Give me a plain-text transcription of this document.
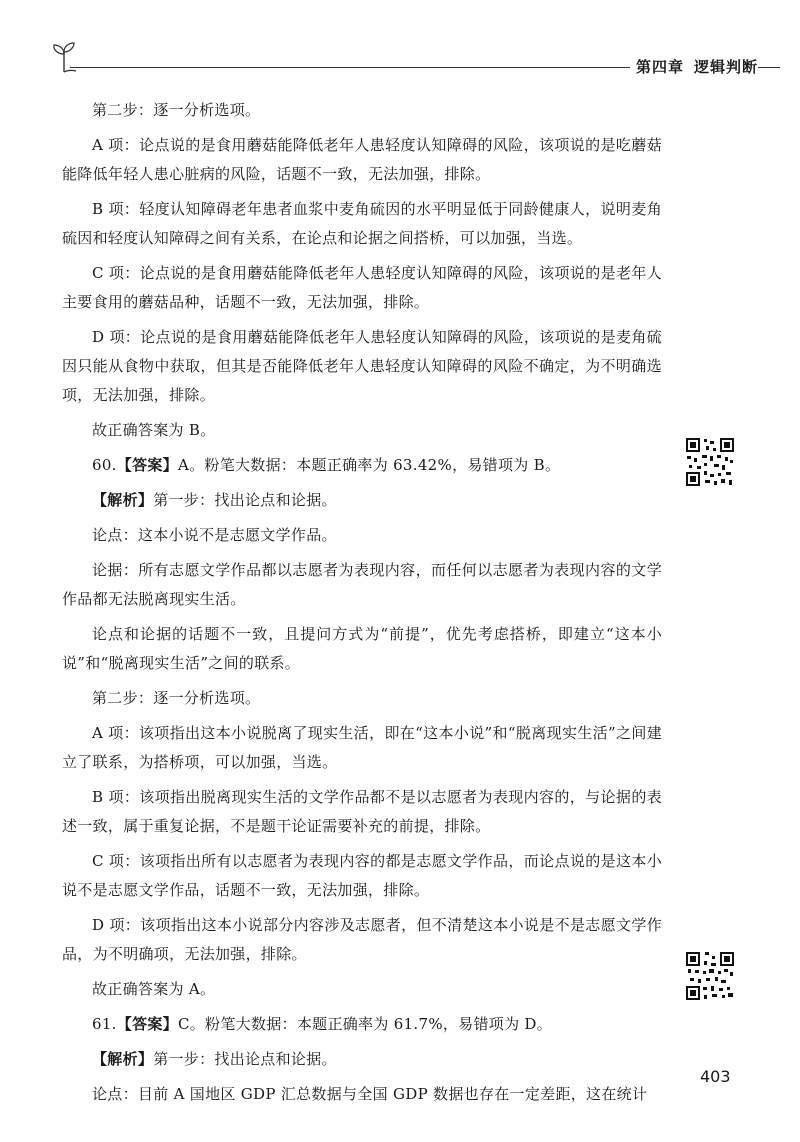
第四章 逻辑判断

第二步：逐一分析选项。

A 项：论点说的是食用蘑菇能降低老年人患轻度认知障碍的风险，该项说的是吃蘑菇能降低年轻人患心脏病的风险，话题不一致，无法加强，排除。

B 项：轻度认知障碍老年患者血浆中麦角硫因的水平明显低于同龄健康人，说明麦角硫因和轻度认知障碍之间有关系，在论点和论据之间搭桥，可以加强，当选。

C 项：论点说的是食用蘑菇能降低老年人患轻度认知障碍的风险，该项说的是老年人主要食用的蘑菇品种，话题不一致，无法加强，排除。

D 项：论点说的是食用蘑菇能降低老年人患轻度认知障碍的风险，该项说的是麦角硫因只能从食物中获取，但其是否能降低老年人患轻度认知障碍的风险不确定，为不明确选项，无法加强，排除。

故正确答案为 B。

60.【答案】A。粉笔大数据：本题正确率为 63.42%，易错项为 B。

【解析】第一步：找出论点和论据。

论点：这本小说不是志愿文学作品。

论据：所有志愿文学作品都以志愿者为表现内容，而任何以志愿者为表现内容的文学作品都无法脱离现实生活。

论点和论据的话题不一致，且提问方式为“前提”，优先考虑搭桥，即建立“这本小说”和“脱离现实生活”之间的联系。

第二步：逐一分析选项。

A 项：该项指出这本小说脱离了现实生活，即在“这本小说”和“脱离现实生活”之间建立了联系，为搭桥项，可以加强，当选。

B 项：该项指出脱离现实生活的文学作品都不是以志愿者为表现内容的，与论据的表述一致，属于重复论据，不是题干论证需要补充的前提，排除。

C 项：该项指出所有以志愿者为表现内容的都是志愿文学作品，而论点说的是这本小说不是志愿文学作品，话题不一致，无法加强，排除。

D 项：该项指出这本小说部分内容涉及志愿者，但不清楚这本小说是不是志愿文学作品，为不明确项，无法加强，排除。

故正确答案为 A。

61.【答案】C。粉笔大数据：本题正确率为 61.7%，易错项为 D。

【解析】第一步：找出论点和论据。

论点：目前 A 国地区 GDP 汇总数据与全国 GDP 数据也存在一定差距，这在统计

403
